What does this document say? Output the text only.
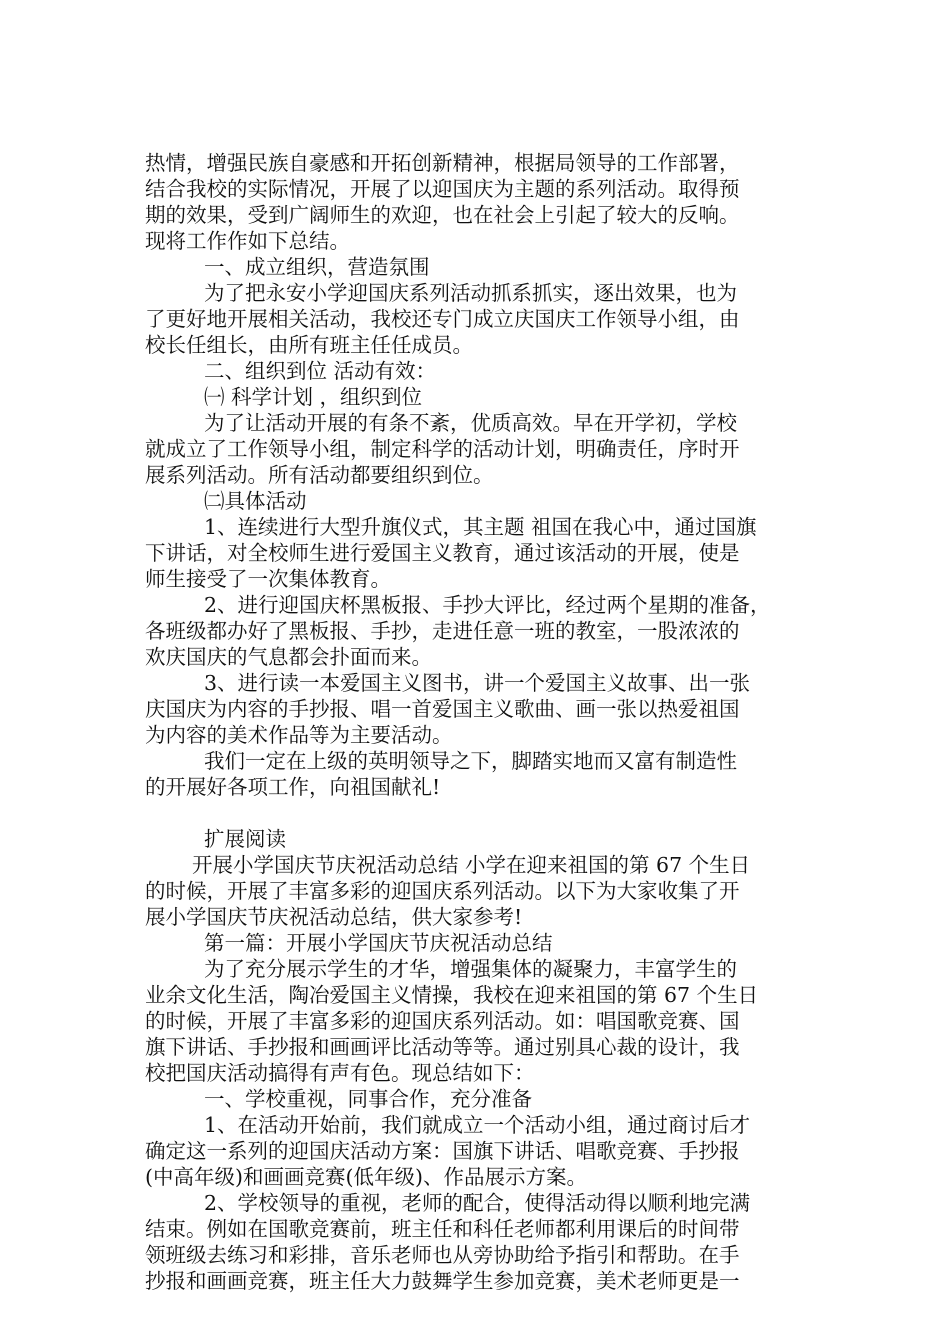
热情，增强民族自豪感和开拓创新精神，根据局领导的工作部署，

结合我校的实际情况，开展了以迎国庆为主题的系列活动。取得预

期的效果，受到广阔师生的欢迎，也在社会上引起了较大的反响。

现将工作作如下总结。

一、成立组织，营造氛围

为了把永安小学迎国庆系列活动抓系抓实，逐出效果，也为

了更好地开展相关活动，我校还专门成立庆国庆工作领导小组，由

校长任组长，由所有班主任任成员。

二、组织到位 活动有效：

㈠ 科学计划 ，组织到位

为了让活动开展的有条不紊，优质高效。早在开学初，学校

就成立了工作领导小组，制定科学的活动计划，明确责任，序时开

展系列活动。所有活动都要组织到位。

㈡具体活动

1、连续进行大型升旗仪式，其主题 祖国在我心中，通过国旗

下讲话，对全校师生进行爱国主义教育，通过该活动的开展，使是

师生接受了一次集体教育。

2、进行迎国庆杯黑板报、手抄大评比，经过两个星期的准备，

各班级都办好了黑板报、手抄，走进任意一班的教室，一股浓浓的

欢庆国庆的气息都会扑面而来。

3、进行读一本爱国主义图书，讲一个爱国主义故事、出一张

庆国庆为内容的手抄报、唱一首爱国主义歌曲、画一张以热爱祖国

为内容的美术作品等为主要活动。

我们一定在上级的英明领导之下，脚踏实地而又富有制造性

的开展好各项工作，向祖国献礼!

扩展阅读

开展小学国庆节庆祝活动总结 小学在迎来祖国的第 67 个生日

的时候，开展了丰富多彩的迎国庆系列活动。以下为大家收集了开

展小学国庆节庆祝活动总结，供大家参考!

第一篇：开展小学国庆节庆祝活动总结

为了充分展示学生的才华，增强集体的凝聚力，丰富学生的

业余文化生活，陶冶爱国主义情操，我校在迎来祖国的第 67 个生日

的时候，开展了丰富多彩的迎国庆系列活动。如：唱国歌竞赛、国

旗下讲话、手抄报和画画评比活动等等。通过别具心裁的设计，我

校把国庆活动搞得有声有色。现总结如下：

一、学校重视，同事合作，充分准备

1、在活动开始前，我们就成立一个活动小组，通过商讨后才

确定这一系列的迎国庆活动方案：国旗下讲话、唱歌竞赛、手抄报

(中高年级)和画画竞赛(低年级)、作品展示方案。

2、学校领导的重视，老师的配合，使得活动得以顺利地完满

结束。例如在国歌竞赛前，班主任和科任老师都利用课后的时间带

领班级去练习和彩排，音乐老师也从旁协助给予指引和帮助。在手

抄报和画画竞赛，班主任大力鼓舞学生参加竞赛，美术老师更是一
